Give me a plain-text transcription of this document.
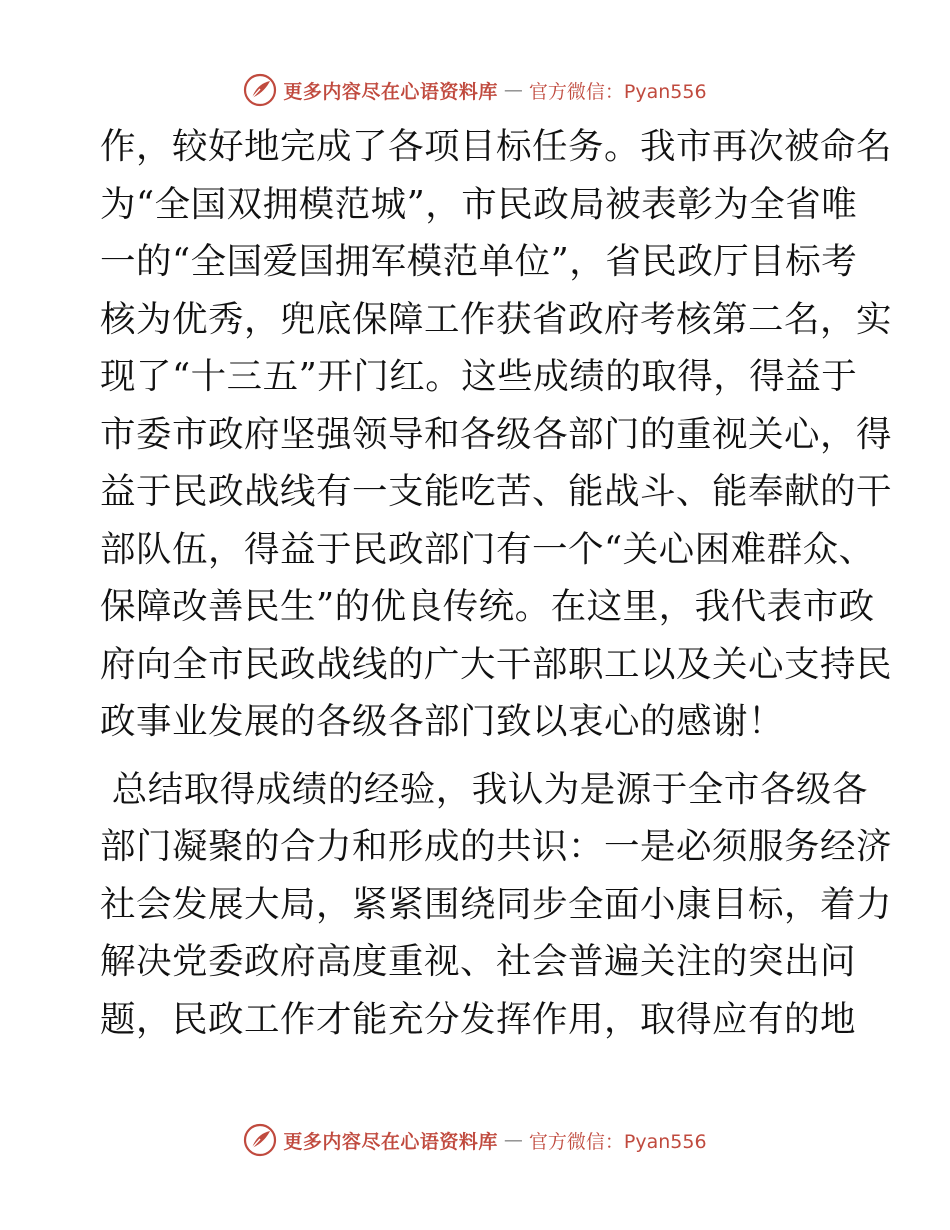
更多内容尽在心语资料库 — 官方微信：Pyan556

作，较好地完成了各项目标任务。我市再次被命名
为“全国双拥模范城”，市民政局被表彰为全省唯
一的“全国爱国拥军模范单位”，省民政厅目标考
核为优秀，兜底保障工作获省政府考核第二名，实
现了“十三五”开门红。这些成绩的取得，得益于
市委市政府坚强领导和各级各部门的重视关心，得
益于民政战线有一支能吃苦、能战斗、能奉献的干
部队伍，得益于民政部门有一个“关心困难群众、
保障改善民生”的优良传统。在这里，我代表市政
府向全市民政战线的广大干部职工以及关心支持民
政事业发展的各级各部门致以衷心的感谢！

总结取得成绩的经验，我认为是源于全市各级各
部门凝聚的合力和形成的共识：一是必须服务经济
社会发展大局，紧紧围绕同步全面小康目标，着力
解决党委政府高度重视、社会普遍关注的突出问
题，民政工作才能充分发挥作用，取得应有的地

更多内容尽在心语资料库 — 官方微信：Pyan556
